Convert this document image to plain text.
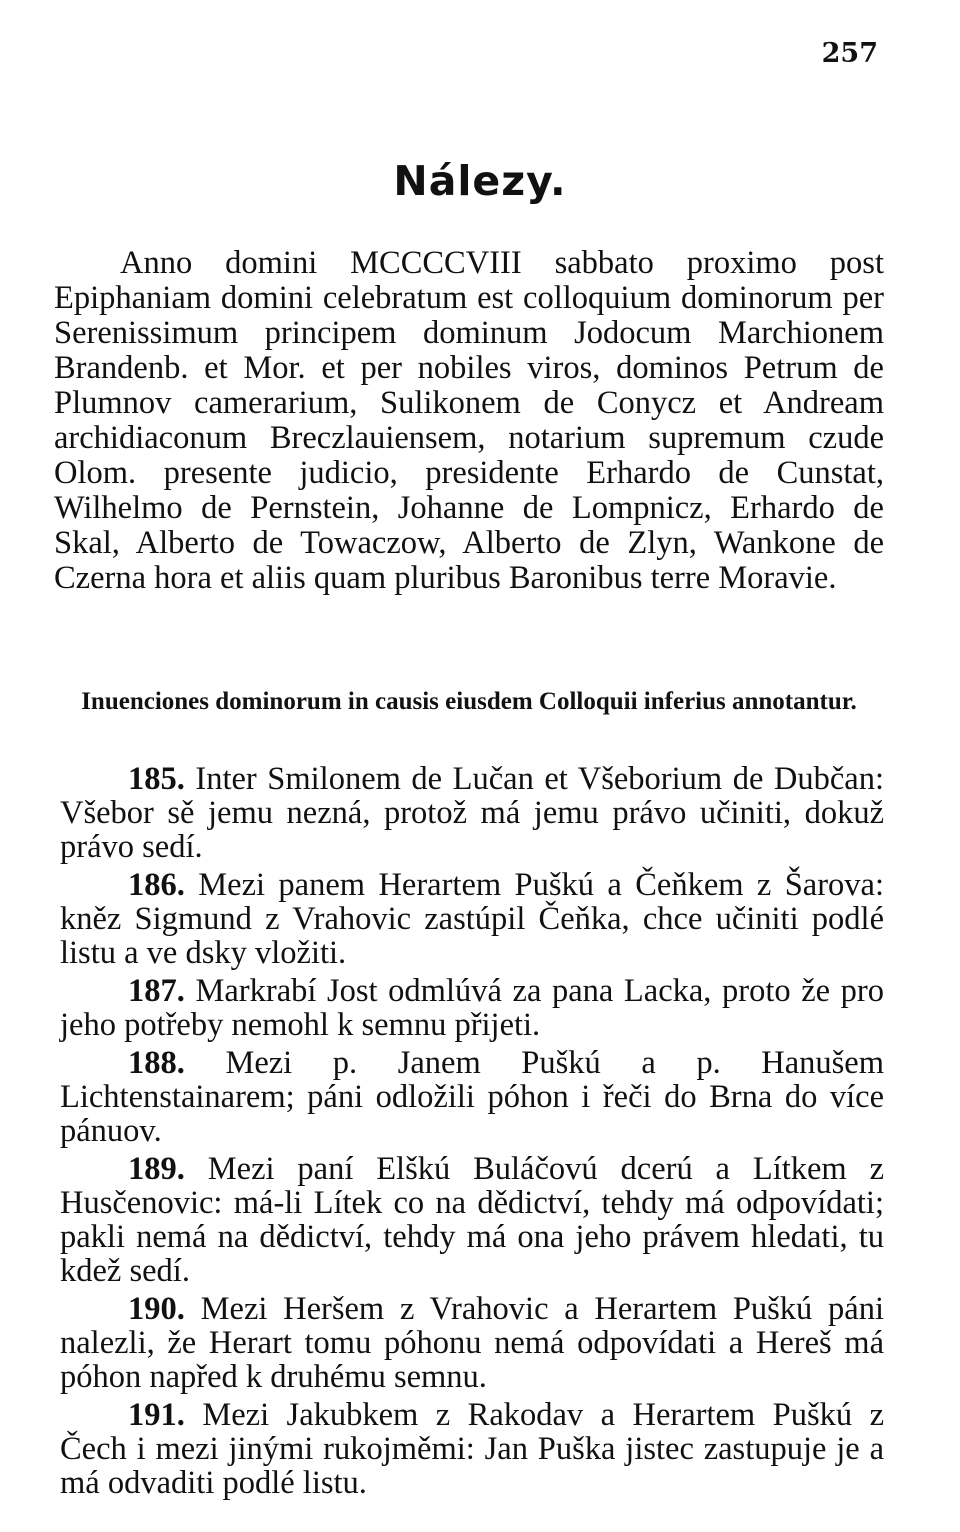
257
Nálezy.

Anno domini MCCCCVIII sabbato proximo post Epiphaniam domini celebratum est colloquium dominorum per Serenissimum principem dominum Jodocum Marchionem Brandenb. et Mor. et per nobiles viros, dominos Petrum de Plumnov camerarium, Sulikonem de Conycz et Andream archidiaconum Breczlauiensem, notarium supremum czude Olom. presente judicio, presidente Erhardo de Cunstat, Wilhelmo de Pernstein, Johanne de Lompnicz, Erhardo de Skal, Alberto de Towaczow, Alberto de Zlyn, Wankone de Czerna hora et aliis quam pluribus Baronibus terre Moravie.

Inuenciones dominorum in causis eiusdem Colloquii inferius annotantur.

185. Inter Smilonem de Lučan et Všeborium de Dubčan: Všebor sě jemu nezná, protož má jemu právo učiniti, dokuž právo sedí.

186. Mezi panem Herartem Puškú a Čeňkem z Šarova: kněz Sigmund z Vrahovic zastúpil Čeňka, chce učiniti podlé listu a ve dsky vložiti.

187. Markrabí Jost odmlúvá za pana Lacka, proto že pro jeho potřeby nemohl k semnu přijeti.

188. Mezi p. Janem Puškú a p. Hanušem Lichtenstainarem; páni odložili póhon i řeči do Brna do více pánuov.

189. Mezi paní Elškú Buláčovú dcerú a Lítkem z Husčenovic: má-li Lítek co na dědictví, tehdy má odpovídati; pakli nemá na dědictví, tehdy má ona jeho právem hledati, tu kdež sedí.

190. Mezi Heršem z Vrahovic a Herartem Puškú páni nalezli, že Herart tomu póhonu nemá odpovídati a Hereš má póhon napřed k druhému semnu.

191. Mezi Jakubkem z Rakodav a Herartem Puškú z Čech i mezi jinými rukojměmi: Jan Puška jistec zastupuje je a má odvaditi podlé listu.
